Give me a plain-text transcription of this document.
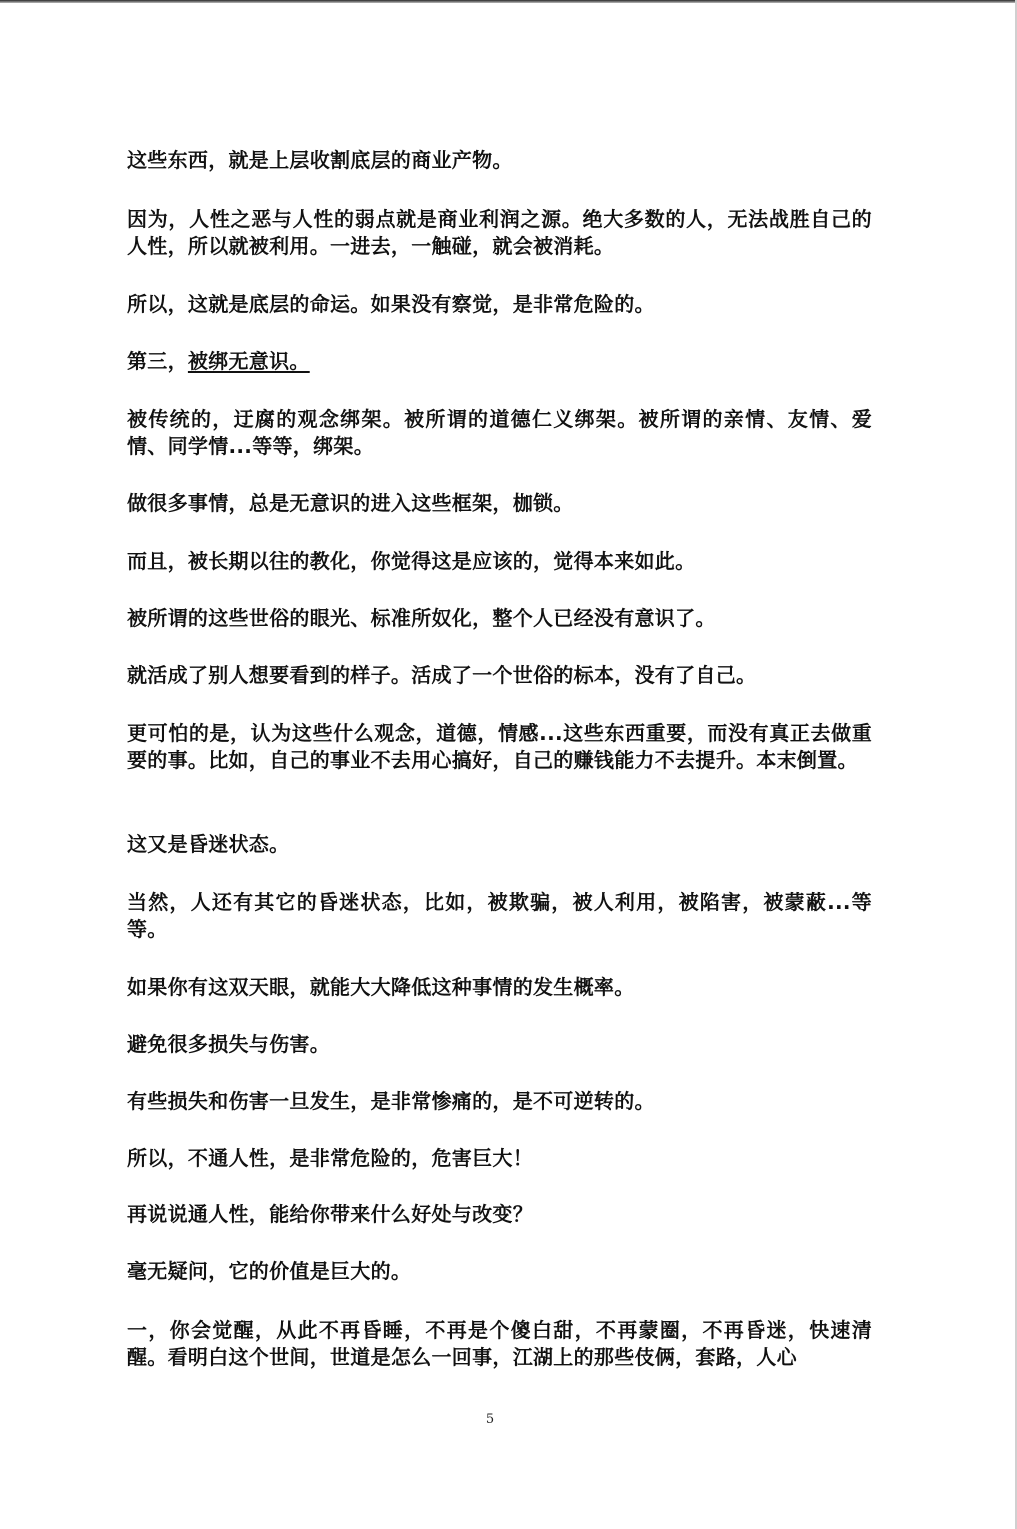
这些东西，就是上层收割底层的商业产物。

因为，人性之恶与人性的弱点就是商业利润之源。绝大多数的人，无法战胜自己的人性，所以就被利用。一进去，一触碰，就会被消耗。

所以，这就是底层的命运。如果没有察觉，是非常危险的。

第三，被绑无意识。

被传统的，迂腐的观念绑架。被所谓的道德仁义绑架。被所谓的亲情、友情、爱情、同学情...等等，绑架。

做很多事情，总是无意识的进入这些框架，枷锁。

而且，被长期以往的教化，你觉得这是应该的，觉得本来如此。

被所谓的这些世俗的眼光、标准所奴化，整个人已经没有意识了。

就活成了别人想要看到的样子。活成了一个世俗的标本，没有了自己。

更可怕的是，认为这些什么观念，道德，情感...这些东西重要，而没有真正去做重要的事。比如，自己的事业不去用心搞好，自己的赚钱能力不去提升。本末倒置。

这又是昏迷状态。

当然，人还有其它的昏迷状态，比如，被欺骗，被人利用，被陷害，被蒙蔽...等等。

如果你有这双天眼，就能大大降低这种事情的发生概率。

避免很多损失与伤害。

有些损失和伤害一旦发生，是非常惨痛的，是不可逆转的。

所以，不通人性，是非常危险的，危害巨大！

再说说通人性，能给你带来什么好处与改变？

毫无疑问，它的价值是巨大的。

一，你会觉醒，从此不再昏睡，不再是个傻白甜，不再蒙圈，不再昏迷，快速清醒。看明白这个世间，世道是怎么一回事，江湖上的那些伎俩，套路，人心

5
